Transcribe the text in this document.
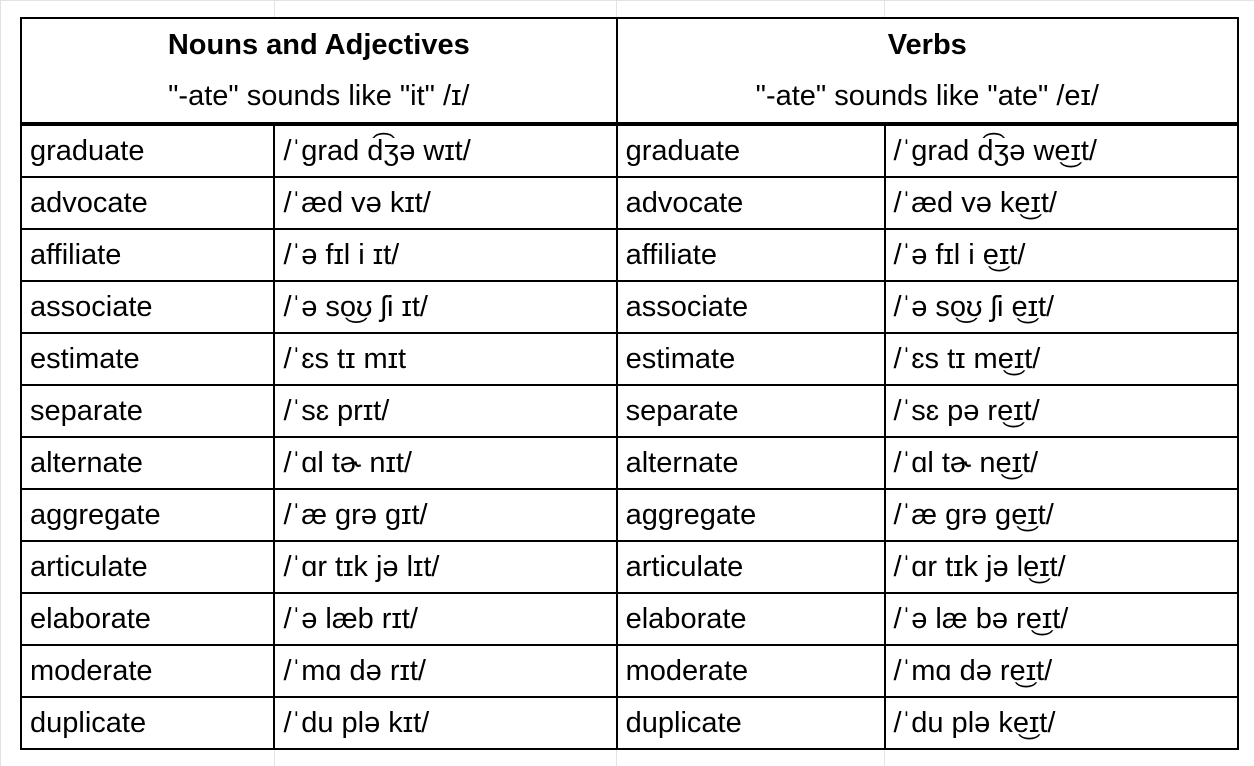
Nouns and Adjectives		Verbs	
"-ate" sounds like "it" /ɪ/		"-ate" sounds like "ate" /eɪ/	
graduate	/ˈgrad d͡ʒə wɪt/	graduate	/ˈgrad d͡ʒə we͜ɪt/
advocate	/ˈæd və kɪt/	advocate	/ˈæd və ke͜ɪt/
affiliate	/ˈə fɪl i ɪt/	affiliate	/ˈə fɪl i e͜ɪt/
associate	/ˈə so͜ʊ ʃi ɪt/	associate	/ˈə so͜ʊ ʃi e͜ɪt/
estimate	/ˈɛs tɪ mɪt	estimate	/ˈɛs tɪ me͜ɪt/
separate	/ˈsɛ prɪt/	separate	/ˈsɛ pə re͜ɪt/
alternate	/ˈɑl tɚ nɪt/	alternate	/ˈɑl tɚ ne͜ɪt/
aggregate	/ˈæ grə gɪt/	aggregate	/ˈæ grə ge͜ɪt/
articulate	/ˈɑr tɪk jə lɪt/	articulate	/ˈɑr tɪk jə le͜ɪt/
elaborate	/ˈə læb rɪt/	elaborate	/ˈə læ bə re͜ɪt/
moderate	/ˈmɑ də rɪt/	moderate	/ˈmɑ də re͜ɪt/
duplicate	/ˈdu plə kɪt/	duplicate	/ˈdu plə ke͜ɪt/
